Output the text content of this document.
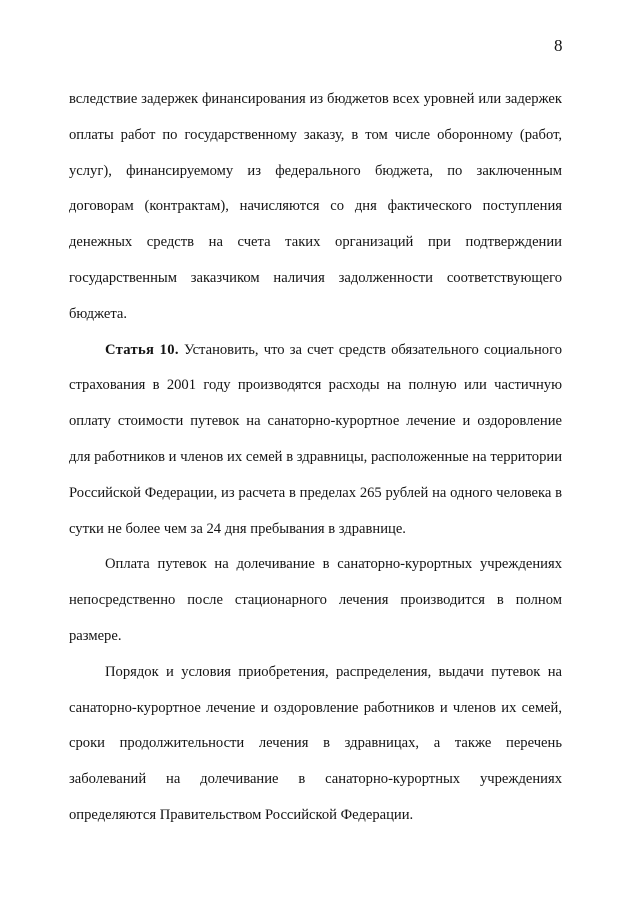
8

вследствие задержек финансирования из бюджетов всех уровней или задержек оплаты работ по государственному заказу, в том числе оборонному (работ, услуг), финансируемому из федерального бюджета, по заключенным договорам (контрактам), начисляются со дня фактического поступления денежных средств на счета таких организаций при подтверждении государственным заказчиком наличия задолженности соответствующего бюджета.

Статья 10. Установить, что за счет средств обязательного социального страхования в 2001 году производятся расходы на полную или частичную оплату стоимости путевок на санаторно-курортное лечение и оздоровление для работников и членов их семей в здравницы, расположенные на территории Российской Федерации, из расчета в пределах 265 рублей на одного человека в сутки не более чем за 24 дня пребывания в здравнице.

Оплата путевок на долечивание в санаторно-курортных учреждениях непосредственно после стационарного лечения производится в полном размере.

Порядок и условия приобретения, распределения, выдачи путевок на санаторно-курортное лечение и оздоровление работников и членов их семей, сроки продолжительности лечения в здравницах, а также перечень заболеваний на долечивание в санаторно-курортных учреждениях определяются Правительством Российской Федерации.
